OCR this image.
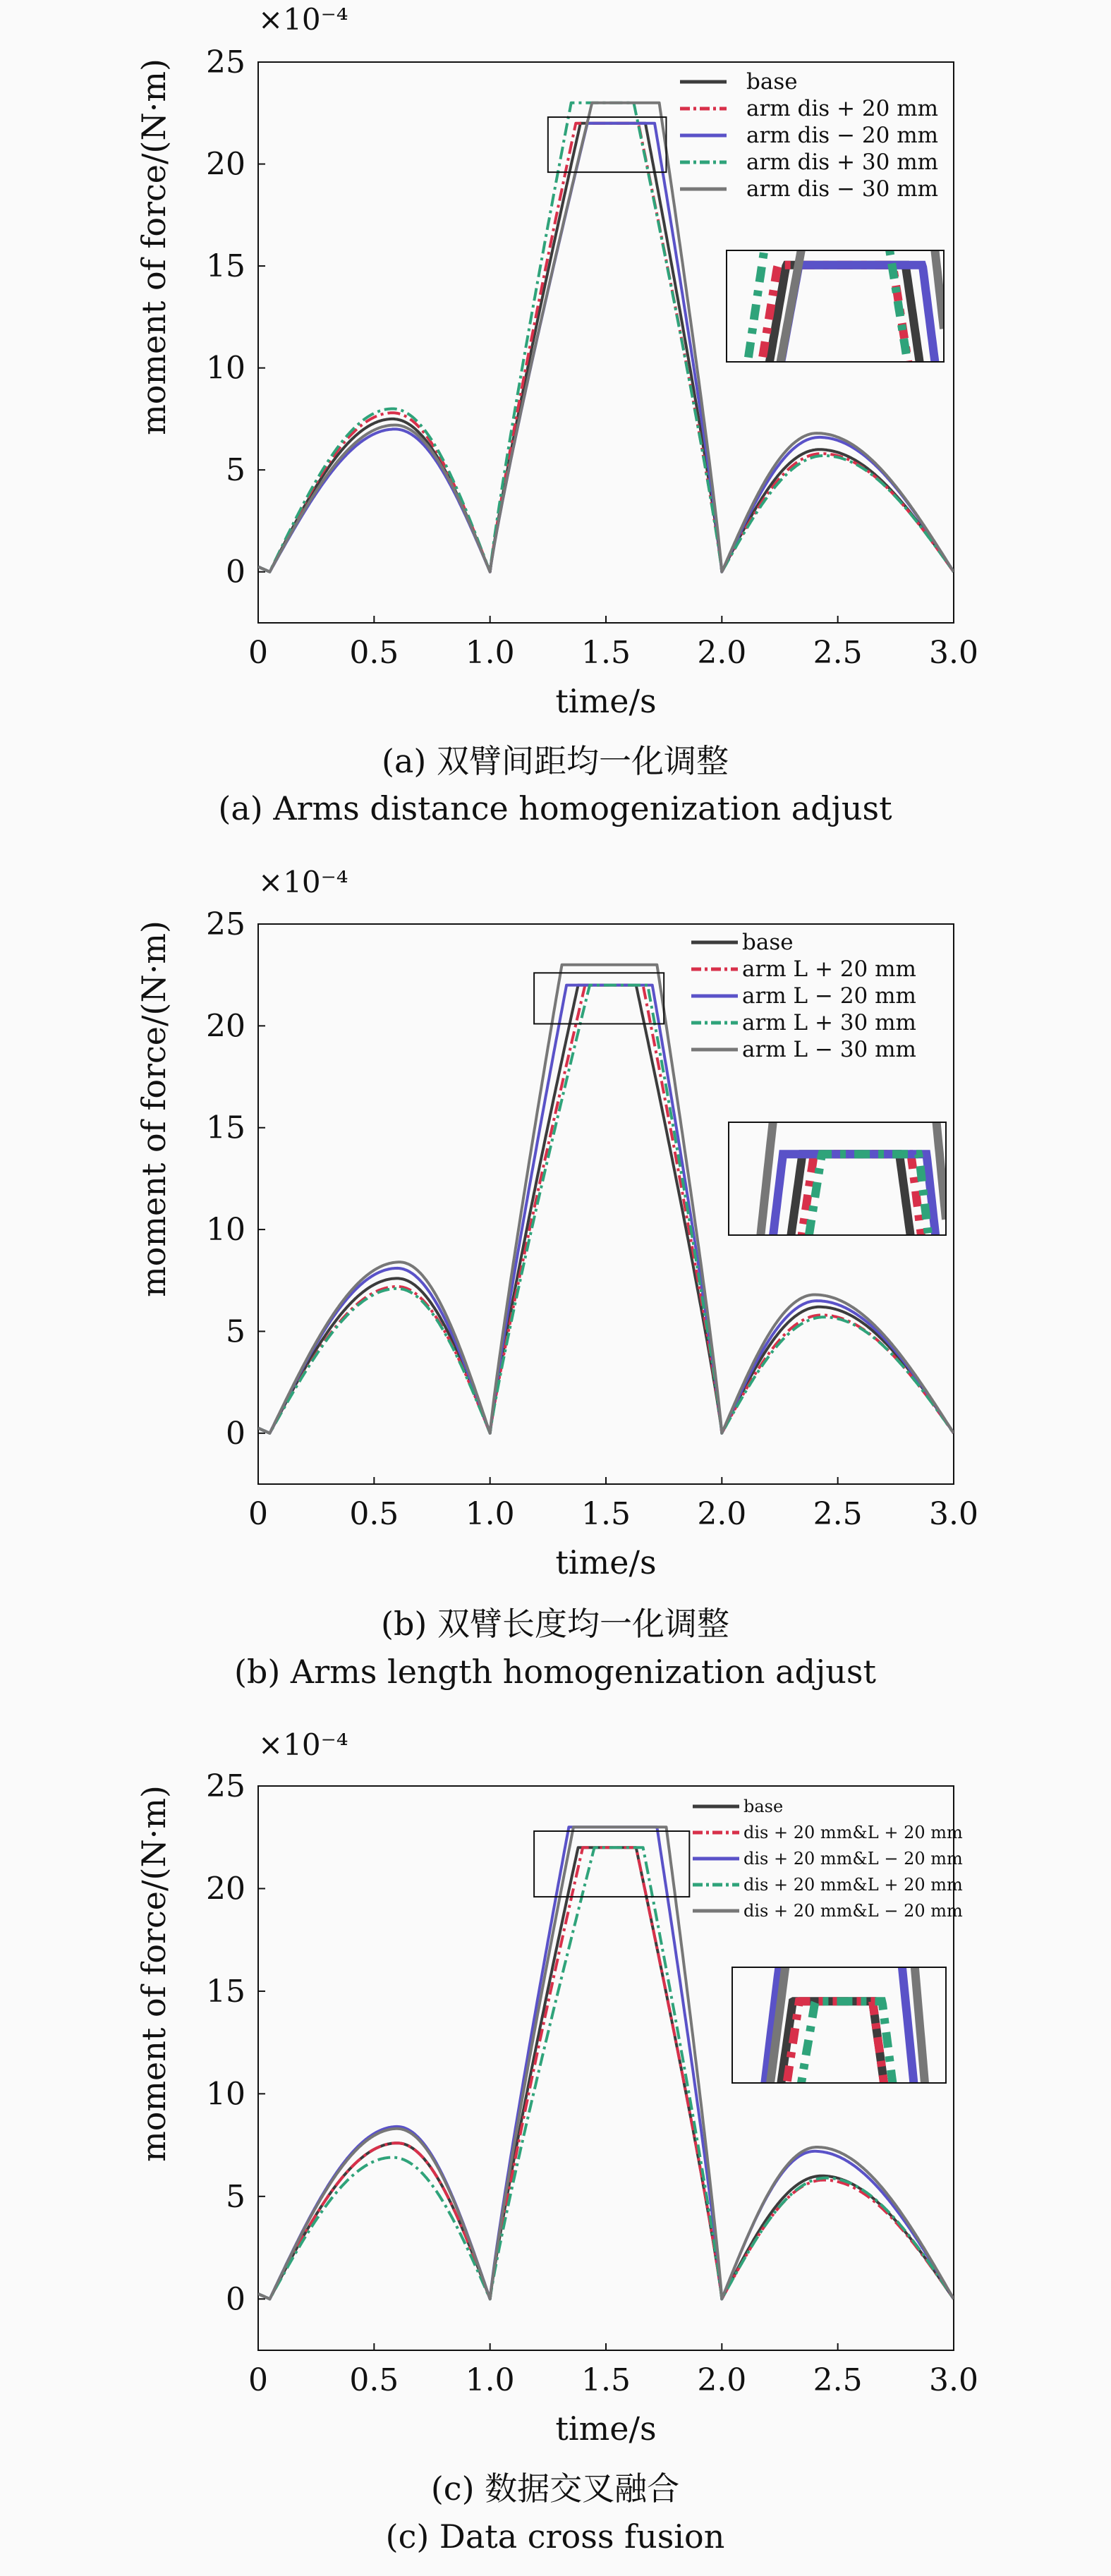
×10⁻⁴
0	0.5 1.0 1.5 2.0 2.5 3.0
0
5
10
15
20
25
time/s
moment of force/(N·m)	base
arm dis + 20 mm
arm dis − 20 mm
arm dis + 30 mm
arm dis − 30 mm
(a) 双臂间距均一化调整
(a) Arms distance homogenization adjust
×10⁻⁴
0	0.5 1.0 1.5 2.0 2.5 3.0
0
5
10
15
20
25
time/s
moment of force/(N·m)	base
arm L + 20 mm
arm L − 20 mm
arm L + 30 mm
arm L − 30 mm
(b) 双臂长度均一化调整
(b) Arms length homogenization adjust
×10⁻⁴
0	0.5 1.0 1.5 2.0 2.5 3.0
0
5
10
15
20
25
time/s
moment of force/(N·m)	base
dis + 20 mm&L + 20 mm
dis + 20 mm&L − 20 mm
dis + 20 mm&L + 20 mm
dis + 20 mm&L − 20 mm
(c) 数据交叉融合
(c) Data cross fusion
